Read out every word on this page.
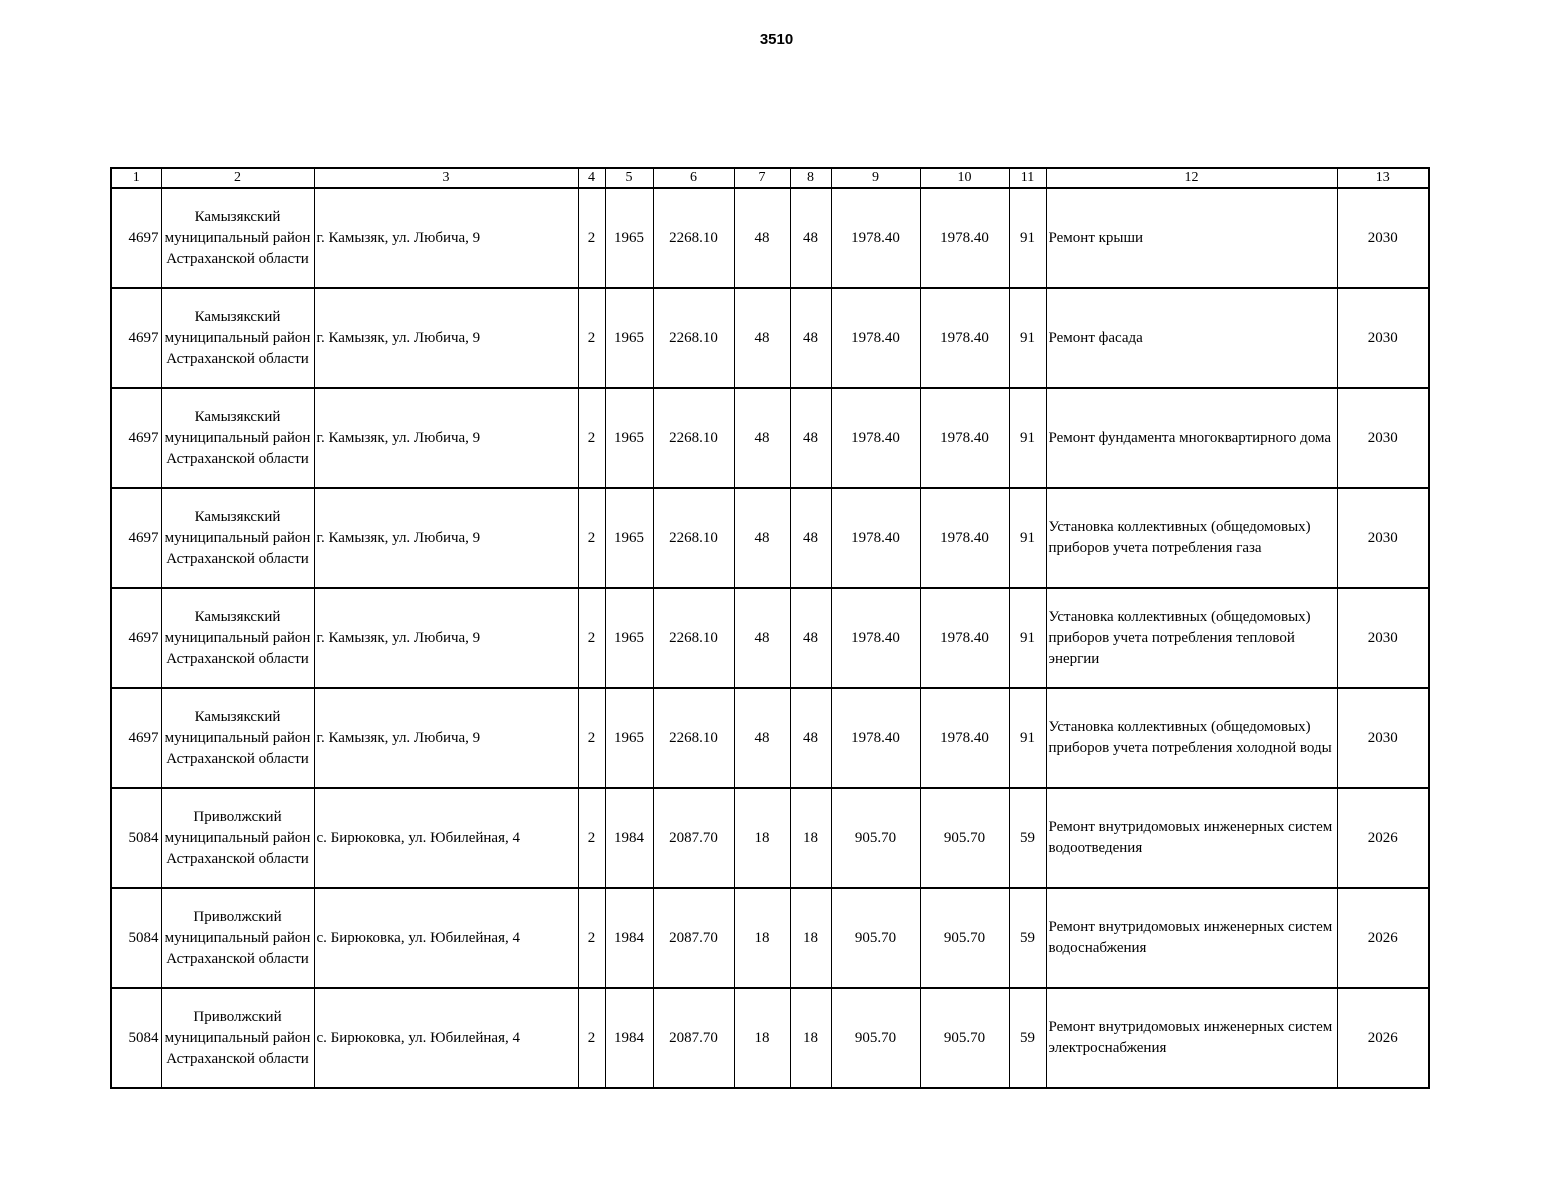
3510
1	2	3	4	5	6	7	8	9	10	11	12	13
4697	Камызякский муниципальный район Астраханской области	г. Камызяк, ул. Любича, 9	2	1965	2268.10	48	48	1978.40	1978.40	91	Ремонт крыши	2030
4697	Камызякский муниципальный район Астраханской области	г. Камызяк, ул. Любича, 9	2	1965	2268.10	48	48	1978.40	1978.40	91	Ремонт фасада	2030
4697	Камызякский муниципальный район Астраханской области	г. Камызяк, ул. Любича, 9	2	1965	2268.10	48	48	1978.40	1978.40	91	Ремонт фундамента многоквартирного дома	2030
4697	Камызякский муниципальный район Астраханской области	г. Камызяк, ул. Любича, 9	2	1965	2268.10	48	48	1978.40	1978.40	91	Установка коллективных (общедомовых) приборов учета потребления газа	2030
4697	Камызякский муниципальный район Астраханской области	г. Камызяк, ул. Любича, 9	2	1965	2268.10	48	48	1978.40	1978.40	91	Установка коллективных (общедомовых) приборов учета потребления тепловой энергии	2030
4697	Камызякский муниципальный район Астраханской области	г. Камызяк, ул. Любича, 9	2	1965	2268.10	48	48	1978.40	1978.40	91	Установка коллективных (общедомовых) приборов учета потребления холодной воды	2030
5084	Приволжский муниципальный район Астраханской области	с. Бирюковка, ул. Юбилейная, 4	2	1984	2087.70	18	18	905.70	905.70	59	Ремонт внутридомовых инженерных систем водоотведения	2026
5084	Приволжский муниципальный район Астраханской области	с. Бирюковка, ул. Юбилейная, 4	2	1984	2087.70	18	18	905.70	905.70	59	Ремонт внутридомовых инженерных систем водоснабжения	2026
5084	Приволжский муниципальный район Астраханской области	с. Бирюковка, ул. Юбилейная, 4	2	1984	2087.70	18	18	905.70	905.70	59	Ремонт внутридомовых инженерных систем электроснабжения	2026
